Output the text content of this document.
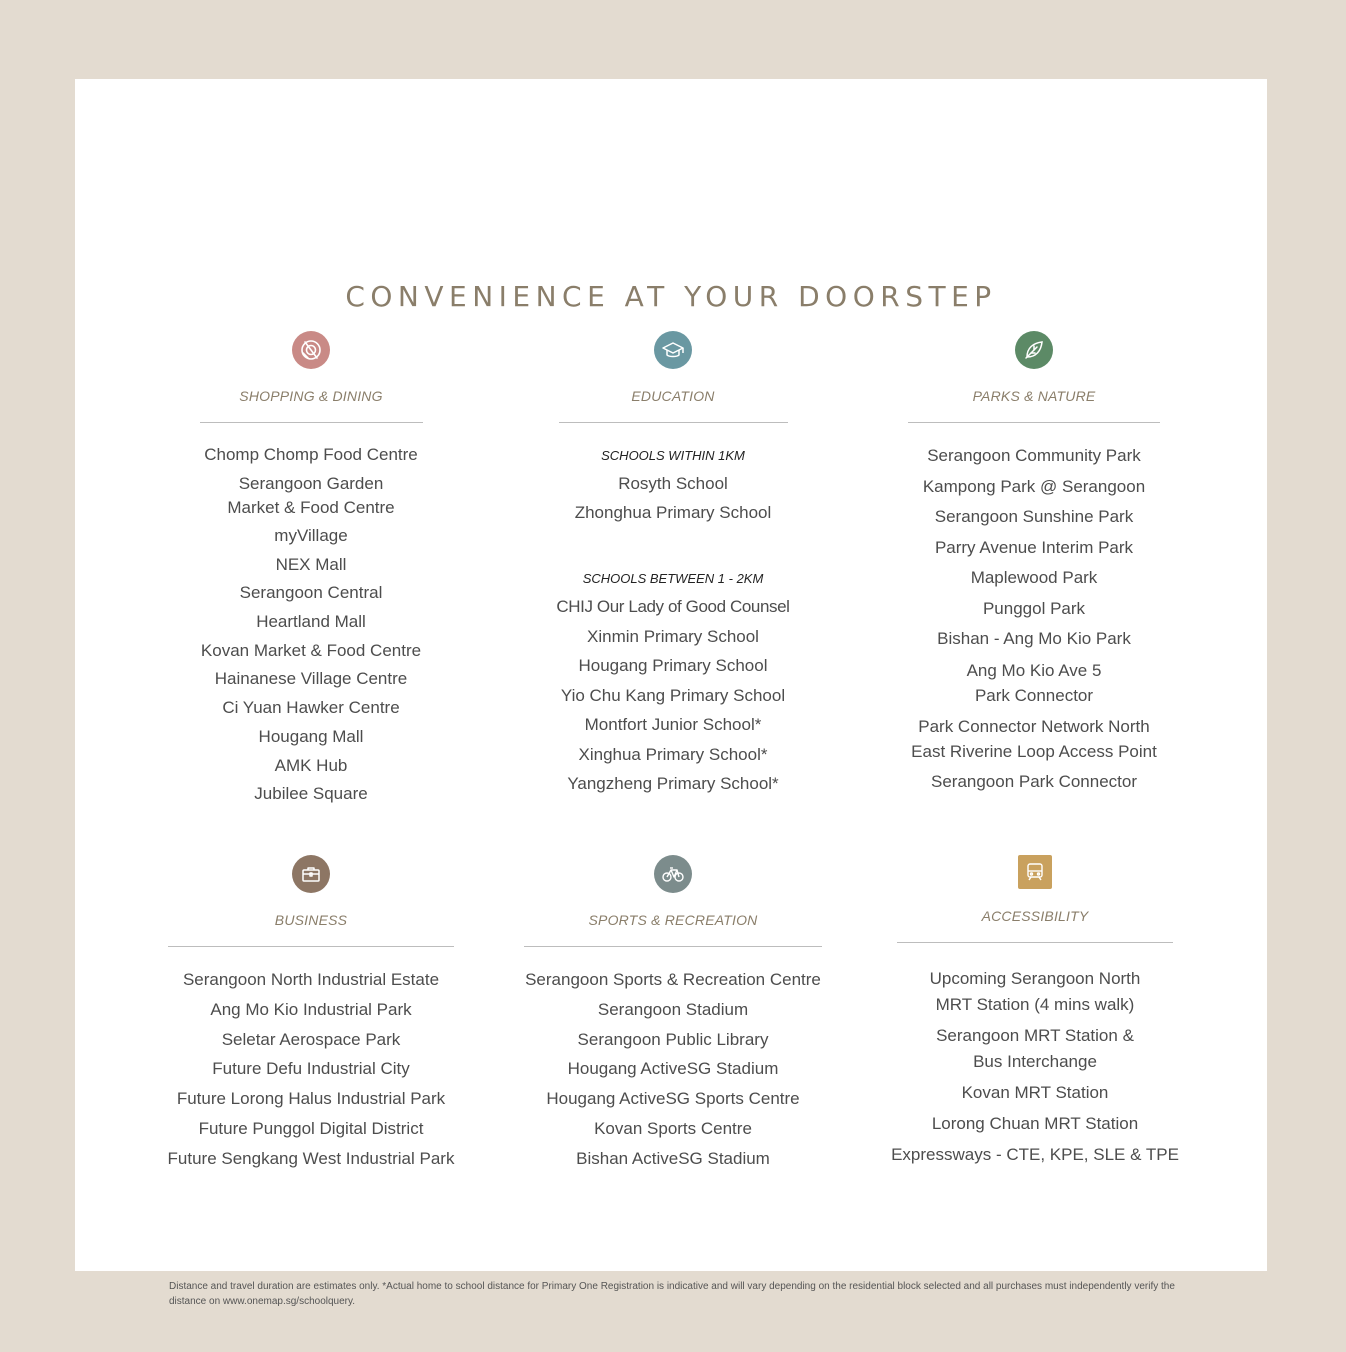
CONVENIENCE AT YOUR DOORSTEP
SHOPPING & DINING
Chomp Chomp Food Centre
Serangoon Garden
Market & Food Centre
myVillage
NEX Mall
Serangoon Central
Heartland Mall
Kovan Market & Food Centre
Hainanese Village Centre
Ci Yuan Hawker Centre
Hougang Mall
AMK Hub
Jubilee Square
EDUCATION
SCHOOLS WITHIN 1KM
Rosyth School
Zhonghua Primary School
SCHOOLS BETWEEN 1 - 2KM
CHIJ Our Lady of Good Counsel
Xinmin Primary School
Hougang Primary School
Yio Chu Kang Primary School
Montfort Junior School*
Xinghua Primary School*
Yangzheng Primary School*
PARKS & NATURE
Serangoon Community Park
Kampong Park @ Serangoon
Serangoon Sunshine Park
Parry Avenue Interim Park
Maplewood Park
Punggol Park
Bishan - Ang Mo Kio Park
Ang Mo Kio Ave 5
Park Connector
Park Connector Network North
East Riverine Loop Access Point
Serangoon Park Connector
BUSINESS
Serangoon North Industrial Estate
Ang Mo Kio Industrial Park
Seletar Aerospace Park
Future Defu Industrial City
Future Lorong Halus Industrial Park
Future Punggol Digital District
Future Sengkang West Industrial Park
SPORTS & RECREATION
Serangoon Sports & Recreation Centre
Serangoon Stadium
Serangoon Public Library
Hougang ActiveSG Stadium
Hougang ActiveSG Sports Centre
Kovan Sports Centre
Bishan ActiveSG Stadium
ACCESSIBILITY
Upcoming Serangoon North
MRT Station (4 mins walk)
Serangoon MRT Station &
Bus Interchange
Kovan MRT Station
Lorong Chuan MRT Station
Expressways - CTE, KPE, SLE & TPE

Distance and travel duration are estimates only. *Actual home to school distance for Primary One Registration is indicative and will vary depending on the residential block selected and all purchases must independently verify the distance on www.onemap.sg/schoolquery.
